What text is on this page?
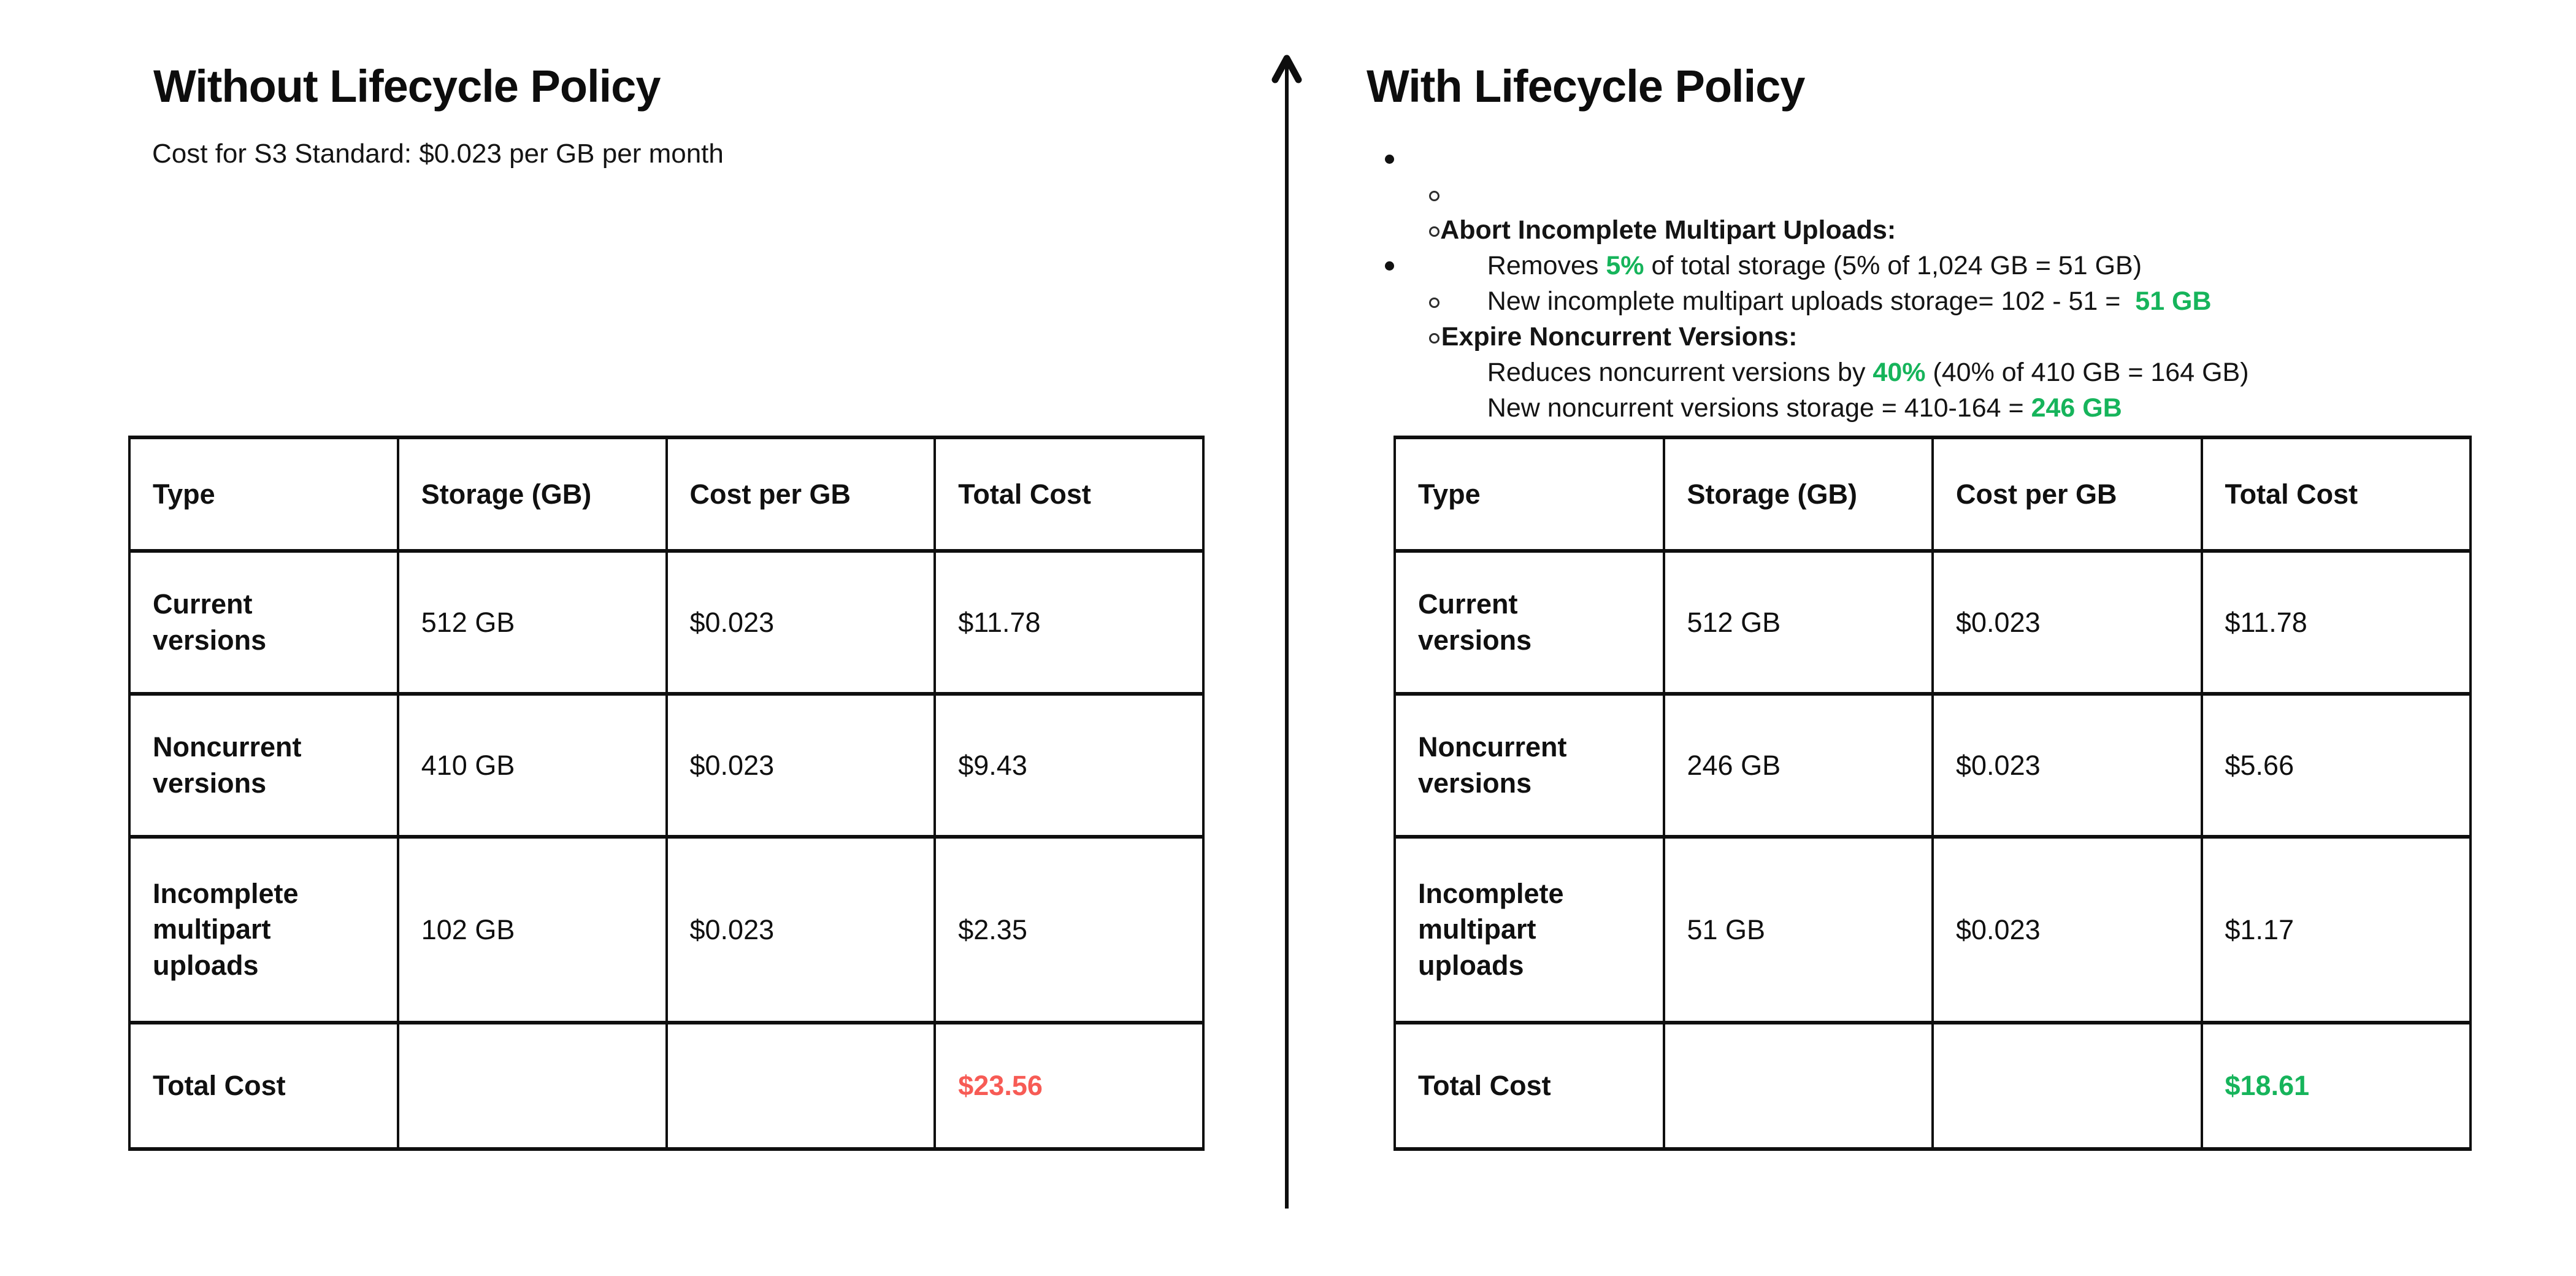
Without Lifecycle Policy
Cost for S3 Standard: $0.023 per GB per month
Type	Storage (GB)	Cost per GB	Total Cost
Current versions	512 GB	$0.023	$11.78
Noncurrent versions	410 GB	$0.023	$9.43
Incomplete multipart uploads	102 GB	$0.023	$2.35
Total Cost			$23.56
With Lifecycle Policy

Abort Incomplete Multipart Uploads:

Removes 5% of total storage (5% of 1,024 GB = 51 GB)

New incomplete multipart uploads storage= 102 - 51 =  51 GB

Expire Noncurrent Versions:

Reduces noncurrent versions by 40% (40% of 410 GB = 164 GB)

New noncurrent versions storage = 410-164 = 246 GB

Type	Storage (GB)	Cost per GB	Total Cost
Current versions	512 GB	$0.023	$11.78
Noncurrent versions	246 GB	$0.023	$5.66
Incomplete multipart uploads	51 GB	$0.023	$1.17
Total Cost			$18.61
